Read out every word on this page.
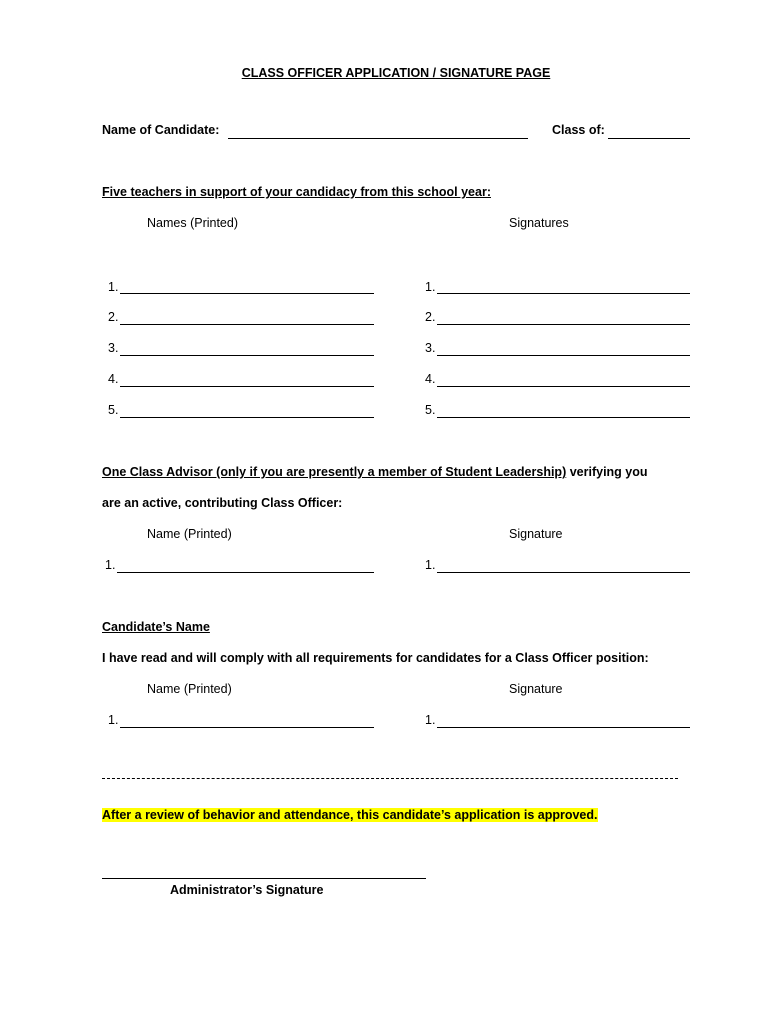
CLASS OFFICER APPLICATION / SIGNATURE PAGE
Name of Candidate:	Class of:
Five teachers in support of your candidacy from this school year:
Names (Printed)	Signatures
1.	1.
2.	2.
3.	3.
4.	4.
5.	5.
One Class Advisor (only if you are presently a member of Student Leadership) verifying you
are an active, contributing Class Officer:
Name (Printed)	Signature
1.	1.
Candidate’s Name
I have read and will comply with all requirements for candidates for a Class Officer position:
Name (Printed)	Signature
1.	1.
After a review of behavior and attendance, this candidate’s application is approved.
Administrator’s Signature
